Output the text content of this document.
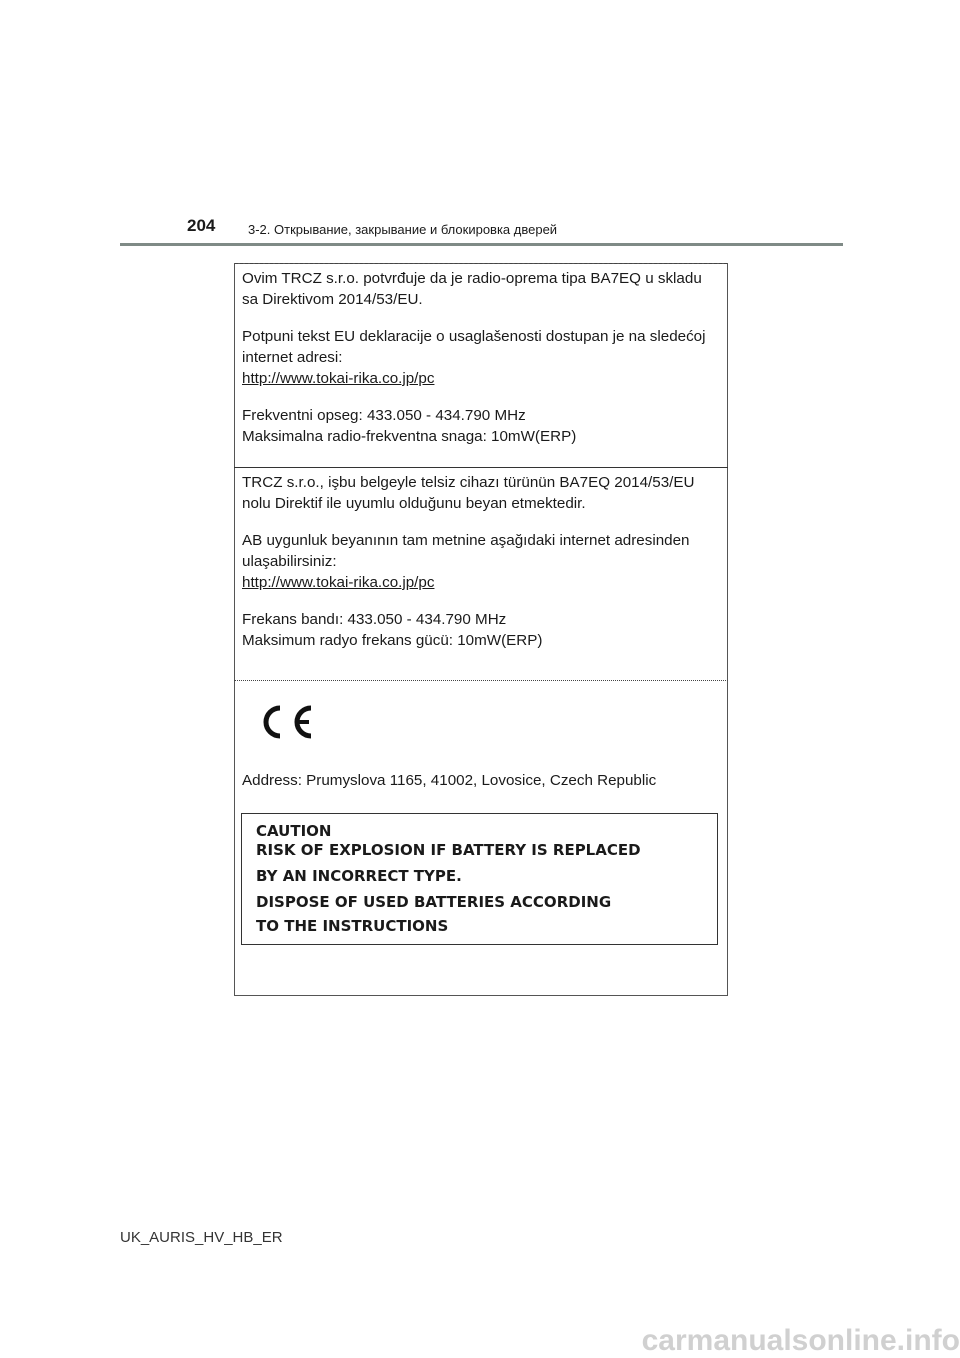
204	3-2. Открывание, закрывание и блокировка дверей

Ovim TRCZ s.r.o. potvrđuje da je radio-oprema tipa BA7EQ u skladu

sa Direktivom 2014/53/EU.

Potpuni tekst EU deklaracije o usaglašenosti dostupan je na sledećoj

internet adresi:

http://www.tokai-rika.co.jp/pc

Frekventni opseg: 433.050 - 434.790 MHz

Maksimalna radio-frekventna snaga: 10mW(ERP)

TRCZ s.r.o., işbu belgeyle telsiz cihazı türünün BA7EQ 2014/53/EU

nolu Direktif ile uyumlu olduğunu beyan etmektedir.

AB uygunluk beyanının tam metnine aşağıdaki internet adresinden

ulaşabilirsiniz:

http://www.tokai-rika.co.jp/pc

Frekans bandı: 433.050 - 434.790 MHz

Maksimum radyo frekans gücü: 10mW(ERP)

Address: Prumyslova 1165, 41002, Lovosice, Czech Republic
CAUTION
RISK OF EXPLOSION IF BATTERY IS REPLACED
BY AN INCORRECT TYPE.
DISPOSE OF USED BATTERIES ACCORDING
TO THE INSTRUCTIONS
UK_AURIS_HV_HB_ER
carmanualsonline.info
